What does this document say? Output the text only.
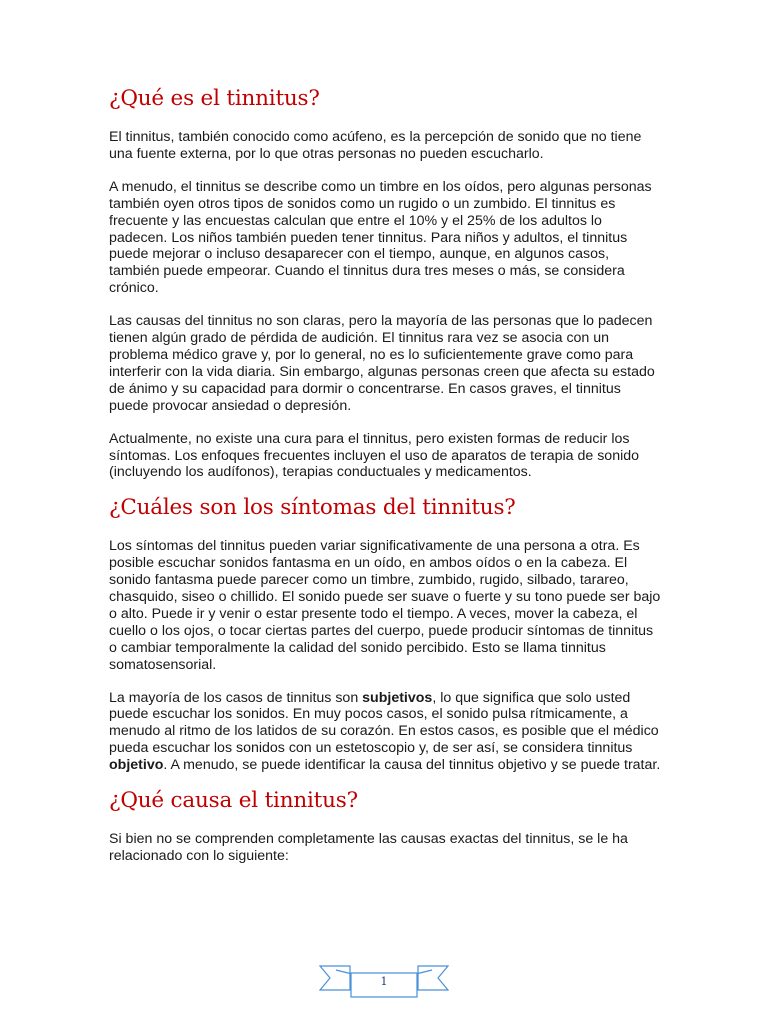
¿Qué es el tinnitus?

El tinnitus, también conocido como acúfeno, es la percepción de sonido que no tiene una fuente externa, por lo que otras personas no pueden escucharlo.

A menudo, el tinnitus se describe como un timbre en los oídos, pero algunas personas también oyen otros tipos de sonidos como un rugido o un zumbido. El tinnitus es frecuente y las encuestas calculan que entre el 10% y el 25% de los adultos lo padecen. Los niños también pueden tener tinnitus. Para niños y adultos, el tinnitus puede mejorar o incluso desaparecer con el tiempo, aunque, en algunos casos, también puede empeorar. Cuando el tinnitus dura tres meses o más, se considera crónico.

Las causas del tinnitus no son claras, pero la mayoría de las personas que lo padecen tienen algún grado de pérdida de audición. El tinnitus rara vez se asocia con un problema médico grave y, por lo general, no es lo suficientemente grave como para interferir con la vida diaria. Sin embargo, algunas personas creen que afecta su estado de ánimo y su capacidad para dormir o concentrarse. En casos graves, el tinnitus puede provocar ansiedad o depresión.

Actualmente, no existe una cura para el tinnitus, pero existen formas de reducir los síntomas. Los enfoques frecuentes incluyen el uso de aparatos de terapia de sonido (incluyendo los audífonos), terapias conductuales y medicamentos.

¿Cuáles son los síntomas del tinnitus?

Los síntomas del tinnitus pueden variar significativamente de una persona a otra. Es posible escuchar sonidos fantasma en un oído, en ambos oídos o en la cabeza. El sonido fantasma puede parecer como un timbre, zumbido, rugido, silbado, tarareo, chasquido, siseo o chillido. El sonido puede ser suave o fuerte y su tono puede ser bajo o alto. Puede ir y venir o estar presente todo el tiempo. A veces, mover la cabeza, el cuello o los ojos, o tocar ciertas partes del cuerpo, puede producir síntomas de tinnitus o cambiar temporalmente la calidad del sonido percibido. Esto se llama tinnitus somatosensorial.

La mayoría de los casos de tinnitus son subjetivos, lo que significa que solo usted puede escuchar los sonidos. En muy pocos casos, el sonido pulsa rítmicamente, a menudo al ritmo de los latidos de su corazón. En estos casos, es posible que el médico pueda escuchar los sonidos con un estetoscopio y, de ser así, se considera tinnitus objetivo. A menudo, se puede identificar la causa del tinnitus objetivo y se puede tratar.

¿Qué causa el tinnitus?

Si bien no se comprenden completamente las causas exactas del tinnitus, se le ha relacionado con lo siguiente:

1
